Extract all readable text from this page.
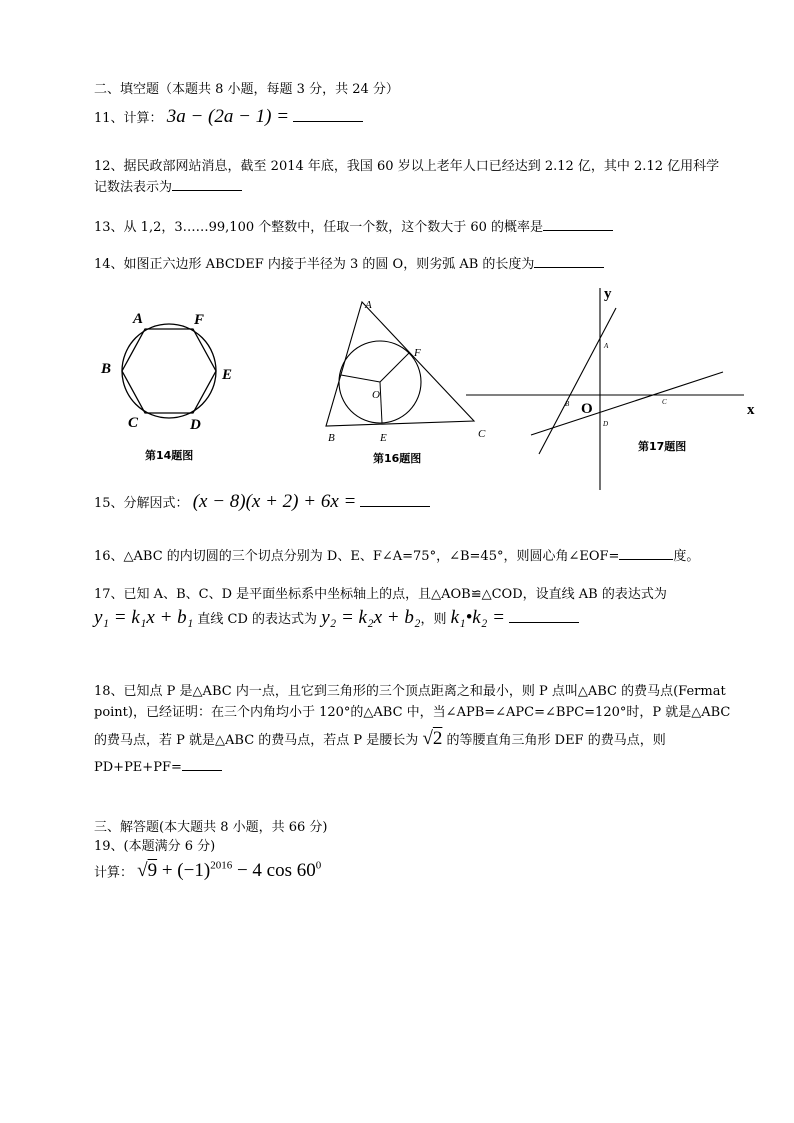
二、填空题（本题共 8 小题，每题 3 分，共 24 分）
11、计算： 3a − (2a − 1) =
12、据民政部网站消息，截至 2014 年底，我国 60 岁以上老年人口已经达到 2.12 亿，其中 2.12 亿用科学
记数法表示为
13、从 1,2，3……99,100 个整数中，任取一个数，这个数大于 60 的概率是
14、如图正六边形 ABCDEF 内接于半径为 3 的圆 O，则劣弧 AB 的长度为
A	F
E
D
C
B
第14题图
A
F
O
B	E	C
第16题图
y
x
O
A
B	C
D
第17题图
15、分解因式： (x − 8)(x + 2) + 6x =
16、△ABC 的内切圆的三个切点分别为 D、E、F∠A=75°，∠B=45°，则圆心角∠EOF=	度。
17、已知 A、B、C、D 是平面坐标系中坐标轴上的点，且△AOB≌△COD，设直线 AB 的表达式为
y₁ = k₁x + b₁ 直线 CD 的表达式为 y₂ = k₂x + b₂，则 k₁•k₂ =
18、已知点 P 是△ABC 内一点，且它到三角形的三个顶点距离之和最小，则 P 点叫△ABC 的费马点(Fermat
point)，已经证明：在三个内角均小于 120°的△ABC 中，当∠APB=∠APC=∠BPC=120°时，P 就是△ABC
的费马点，若 P 就是△ABC 的费马点，若点 P 是腰长为 √2 的等腰直角三角形 DEF 的费马点，则
PD+PE+PF=
三、解答题(本大题共 8 小题，共 66 分)
19、(本题满分 6 分)
计算： $√9 + (-1)^{2016} - 4$ $\cos 60^0$
